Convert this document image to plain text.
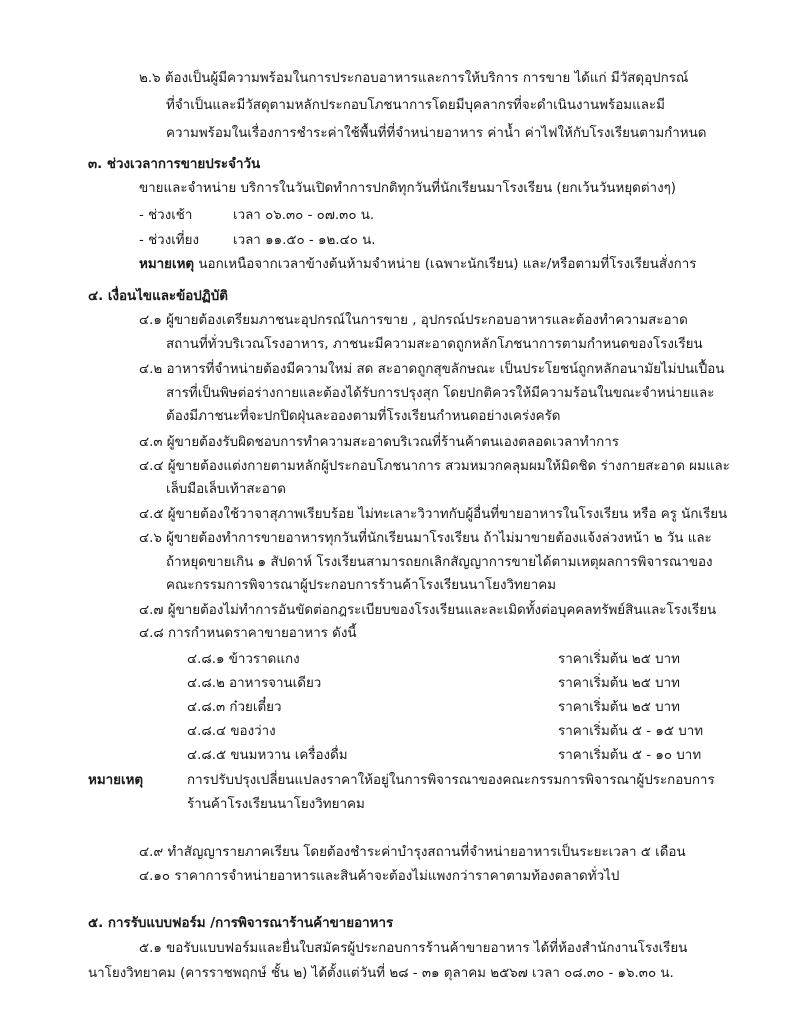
๒.๖ ต้องเป็นผู้มีความพร้อมในการประกอบอาหารและการให้บริการ การขาย ได้แก่ มีวัสดุอุปกรณ์
ที่จำเป็นและมีวัสดุตามหลักประกอบโภชนาการโดยมีบุคลากรที่จะดำเนินงานพร้อมและมี
ความพร้อมในเรื่องการชำระค่าใช้พื้นที่ที่จำหน่ายอาหาร ค่าน้ำ ค่าไฟให้กับโรงเรียนตามกำหนด
๓. ช่วงเวลาการขายประจำวัน
ขายและจำหน่าย บริการในวันเปิดทำการปกติทุกวันที่นักเรียนมาโรงเรียน (ยกเว้นวันหยุดต่างๆ)
- ช่วงเช้า	เวลา ๐๖.๓๐ - ๐๗.๓๐ น.
- ช่วงเที่ยง	เวลา ๑๑.๕๐ - ๑๒.๔๐ น.
หมายเหตุ นอกเหนือจากเวลาข้างต้นห้ามจำหน่าย (เฉพาะนักเรียน) และ/หรือตามที่โรงเรียนสั่งการ
๔. เงื่อนไขและข้อปฏิบัติ
๔.๑ ผู้ขายต้องเตรียมภาชนะอุปกรณ์ในการขาย , อุปกรณ์ประกอบอาหารและต้องทำความสะอาด
สถานที่ทั่วบริเวณโรงอาหาร, ภาชนะมีความสะอาดถูกหลักโภชนาการตามกำหนดของโรงเรียน
๔.๒ อาหารที่จำหน่ายต้องมีความใหม่ สด สะอาดถูกสุขลักษณะ เป็นประโยชน์ถูกหลักอนามัยไม่ปนเปื้อน
สารที่เป็นพิษต่อร่างกายและต้องได้รับการปรุงสุก โดยปกติควรให้มีความร้อนในขณะจำหน่ายและ
ต้องมีภาชนะที่จะปกปิดฝุ่นละอองตามที่โรงเรียนกำหนดอย่างเคร่งครัด
๔.๓ ผู้ขายต้องรับผิดชอบการทำความสะอาดบริเวณที่ร้านค้าตนเองตลอดเวลาทำการ
๔.๔ ผู้ขายต้องแต่งกายตามหลักผู้ประกอบโภชนาการ สวมหมวกคลุมผมให้มิดชิด ร่างกายสะอาด ผมและ
เล็บมือเล็บเท้าสะอาด
๔.๕ ผู้ขายต้องใช้วาจาสุภาพเรียบร้อย ไม่ทะเลาะวิวาทกับผู้อื่นที่ขายอาหารในโรงเรียน หรือ ครู นักเรียน
๔.๖ ผู้ขายต้องทำการขายอาหารทุกวันที่นักเรียนมาโรงเรียน ถ้าไม่มาขายต้องแจ้งล่วงหน้า ๒ วัน และ
ถ้าหยุดขายเกิน ๑ สัปดาห์ โรงเรียนสามารถยกเลิกสัญญาการขายได้ตามเหตุผลการพิจารณาของ
คณะกรรมการพิจารณาผู้ประกอบการร้านค้าโรงเรียนนาโยงวิทยาคม
๔.๗ ผู้ขายต้องไม่ทำการอันขัดต่อกฎระเบียบของโรงเรียนและละเมิดทั้งต่อบุคคลทรัพย์สินและโรงเรียน
๔.๘ การกำหนดราคาขายอาหาร ดังนี้
๔.๘.๑ ข้าวราดแกง	ราคาเริ่มต้น ๒๕ บาท
๔.๘.๒ อาหารจานเดียว	ราคาเริ่มต้น ๒๕ บาท
๔.๘.๓ ก๋วยเตี๋ยว	ราคาเริ่มต้น ๒๕ บาท
๔.๘.๔ ของว่าง	ราคาเริ่มต้น ๕ - ๑๕ บาท
๔.๘.๕ ขนมหวาน เครื่องดื่ม	ราคาเริ่มต้น ๕ - ๑๐ บาท
หมายเหตุ	การปรับปรุงเปลี่ยนแปลงราคาให้อยู่ในการพิจารณาของคณะกรรมการพิจารณาผู้ประกอบการ
ร้านค้าโรงเรียนนาโยงวิทยาคม
๔.๙ ทำสัญญารายภาคเรียน โดยต้องชำระค่าบำรุงสถานที่จำหน่ายอาหารเป็นระยะเวลา ๕ เดือน
๔.๑๐ ราคาการจำหน่ายอาหารและสินค้าจะต้องไม่แพงกว่าราคาตามท้องตลาดทั่วไป
๕. การรับแบบฟอร์ม /การพิจารณาร้านค้าขายอาหาร
๕.๑ ขอรับแบบฟอร์มและยื่นใบสมัครผู้ประกอบการร้านค้าขายอาหาร ได้ที่ห้องสำนักงานโรงเรียน
นาโยงวิทยาคม (คารราชพฤกษ์ ชั้น ๒) ได้ตั้งแต่วันที่ ๒๘ - ๓๑ ตุลาคม ๒๕๖๗ เวลา ๐๘.๓๐ - ๑๖.๓๐ น.
